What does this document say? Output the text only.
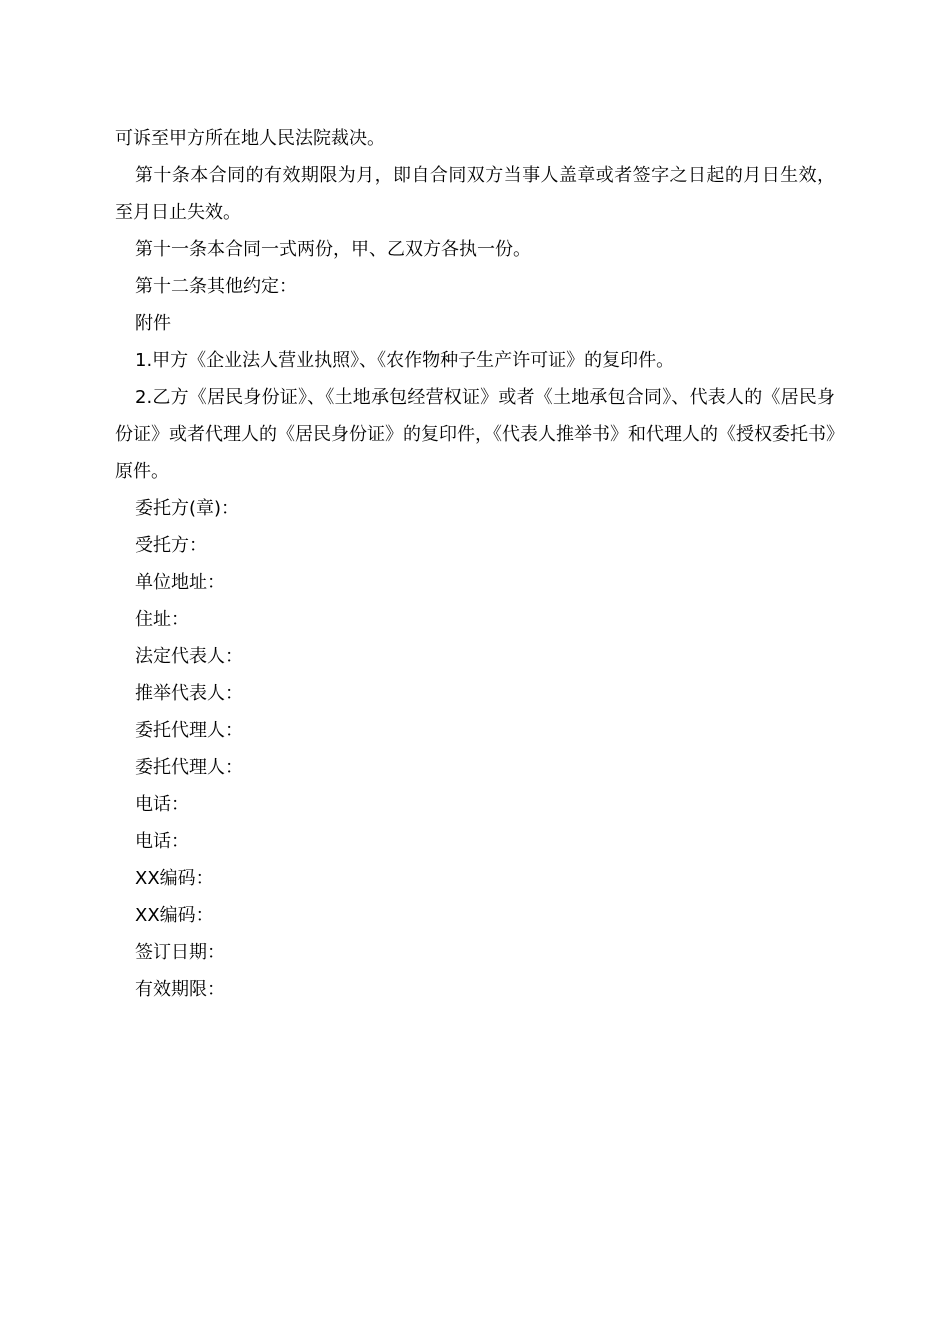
可诉至甲方所在地人民法院裁决。

第十条本合同的有效期限为月，即自合同双方当事人盖章或者签字之日起的月日生效，至月日止失效。

第十一条本合同一式两份，甲、乙双方各执一份。

第十二条其他约定：

附件

1.甲方《企业法人营业执照》、《农作物种子生产许可证》的复印件。

2.乙方《居民身份证》、《土地承包经营权证》或者《土地承包合同》、代表人的《居民身份证》或者代理人的《居民身份证》的复印件，《代表人推举书》和代理人的《授权委托书》原件。

委托方(章)：

受托方：

单位地址：

住址：

法定代表人：

推举代表人：

委托代理人：

委托代理人：

电话：

电话：

XX编码：

XX编码：

签订日期：

有效期限：
